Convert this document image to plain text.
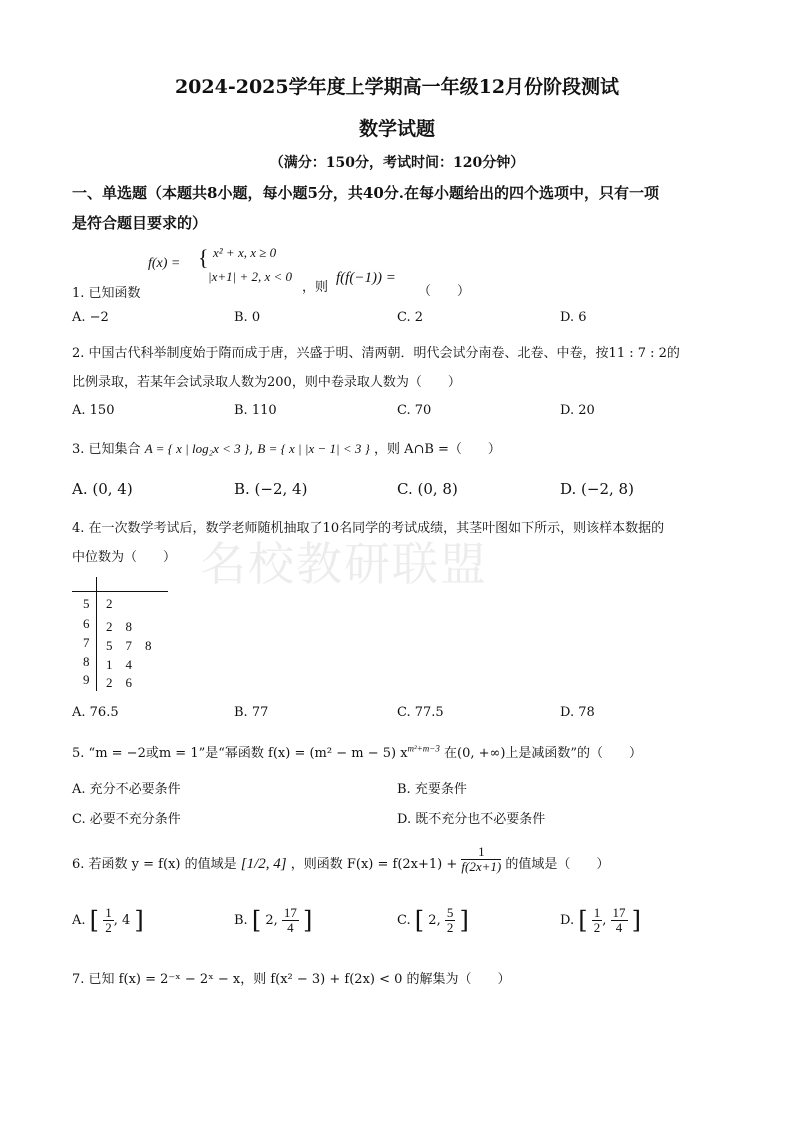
名校教研联盟
2024-2025学年度上学期高一年级12月份阶段测试
数学试题
（满分：150分，考试时间：120分钟）
一、单选题（本题共8小题，每小题5分，共40分.在每小题给出的四个选项中，只有一项
是符合题目要求的）
f(x) = { x² + x, x ≥ 0
|x+1| + 2, x < 0
1. 已知函数	，则
f(f(−1)) =
（　　）
A. −2	B. 0	C. 2	D. 6
2. 中国古代科举制度始于隋而成于唐，兴盛于明、清两朝．明代会试分南卷、北卷、中卷，按11 : 7 : 2的
比例录取，若某年会试录取人数为200，则中卷录取人数为（　　）
A. 150	B. 110	C. 70	D. 20
3. 已知集合 A = { x | log₂x < 3 }, B = { x | |x − 1| < 3 } ，则 A∩B =（　　）
A. (0, 4)	B. (−2, 4)	C. (0, 8)	D. (−2, 8)
4. 在一次数学考试后，数学老师随机抽取了10名同学的考试成绩，其茎叶图如下所示，则该样本数据的
中位数为（　　）
5 2
6 2　8
7 5　7　8
8 1　4
9 2　6
A. 76.5	B. 77	C. 77.5	D. 78
5. “m = −2或m = 1”是“幂函数 f(x) = (m² − m − 5) $x^{m^2+m-3}$ 在(0, +∞)上是减函数”的（　　）
A. 充分不必要条件	B. 充要条件
C. 必要不充分条件	D. 既不充分也不必要条件
6. 若函数 y = f(x) 的值域是 [1/2, 4] ，则函数 $F(x) = f(2x+1) + \frac{1}{f(2x+1)}$ 的值域是（　　）
A. [ $\frac{1}{2}$ , 4 ]	B. [ 2, $\frac{17}{4}$ ]	C. [ 2, $\frac{5}{2}$ ]	D. [ $\frac{1}{2}$ , $\frac{17}{4}$ ]
7. 已知 f(x) = 2⁻ˣ − 2ˣ − x，则 f(x² − 3) + f(2x) < 0 的解集为（　　）
